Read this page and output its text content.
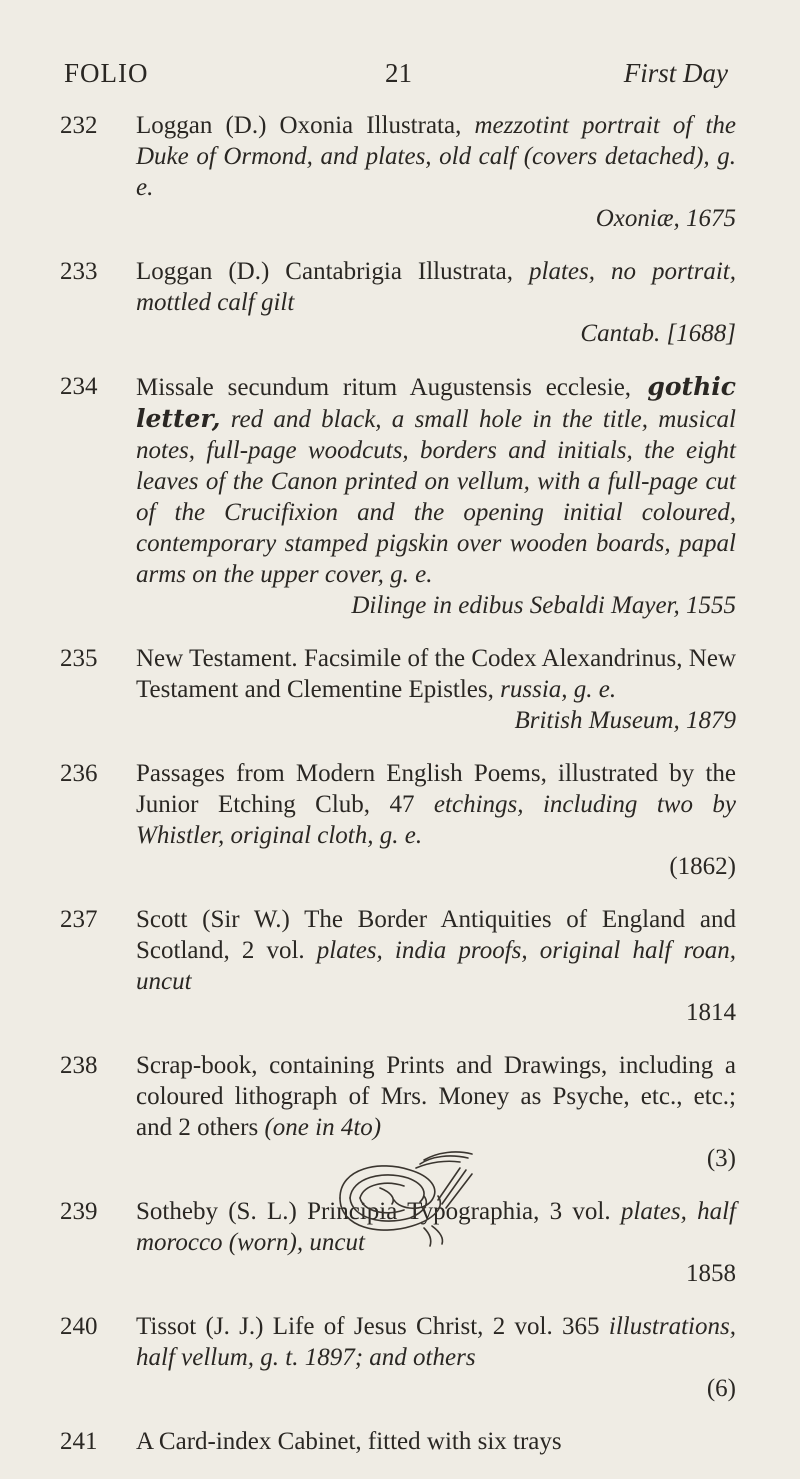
FOLIO	21	First Day
232	Loggan (D.) Oxonia Illustrata, mezzotint portrait of the Duke of Ormond, and plates, old calf (covers detached), g. e.
Oxoniæ, 1675
233	Loggan (D.) Cantabrigia Illustrata, plates, no portrait, mottled calf gilt
Cantab. [1688]
234	Missale secundum ritum Augustensis ecclesie, gothic letter, red and black, a small hole in the title, musical notes, full-page woodcuts, borders and initials, the eight leaves of the Canon printed on vellum, with a full-page cut of the Crucifixion and the opening initial coloured, contemporary stamped pigskin over wooden boards, papal arms on the upper cover, g. e.
Dilinge in edibus Sebaldi Mayer, 1555
235	New Testament. Facsimile of the Codex Alexandrinus, New Testament and Clementine Epistles, russia, g. e.
British Museum, 1879
236	Passages from Modern English Poems, illustrated by the Junior Etching Club, 47 etchings, including two by Whistler, original cloth, g. e.
(1862)
237	Scott (Sir W.) The Border Antiquities of England and Scotland, 2 vol. plates, india proofs, original half roan, uncut
1814
238	Scrap-book, containing Prints and Drawings, including a coloured lithograph of Mrs. Money as Psyche, etc., etc.; and 2 others (one in 4to)
(3)
239	Sotheby (S. L.) Principia Typographia, 3 vol. plates, half morocco (worn), uncut
1858
240	Tissot (J. J.) Life of Jesus Christ, 2 vol. 365 illustrations, half vellum, g. t. 1897; and others
(6)
241	A Card-index Cabinet, fitted with six trays
